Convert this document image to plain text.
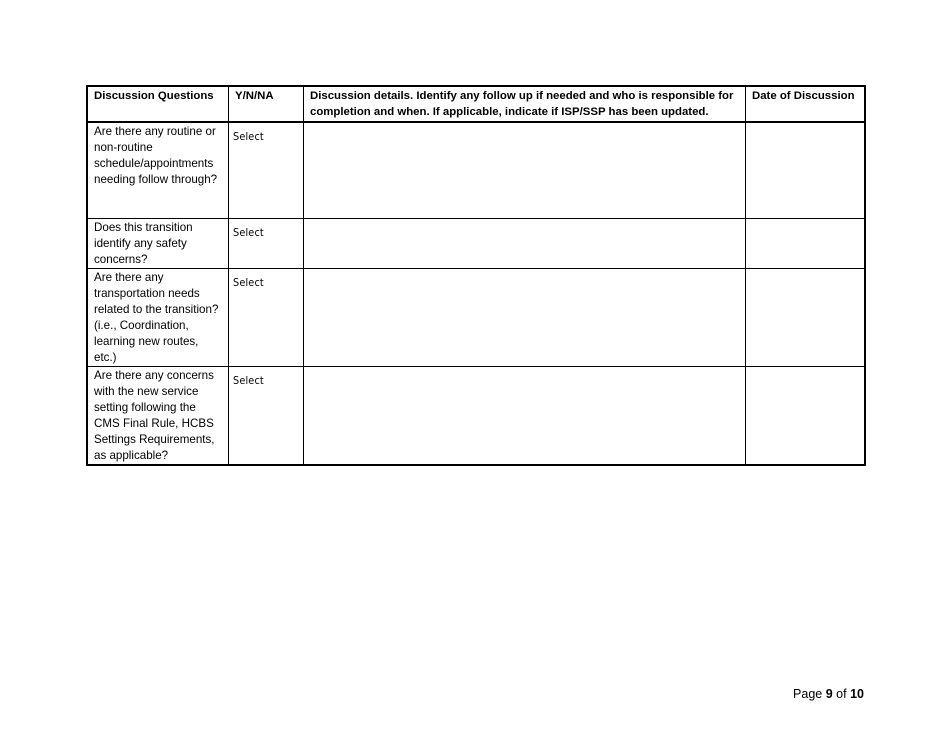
Discussion Questions	Y/N/NA	Discussion details. Identify any follow up if needed and who is responsible for completion and when. If applicable, indicate if ISP/SSP has been updated.	Date of Discussion
Are there any routine or non-routine schedule/appointments needing follow through?	Select		
Does this transition identify any safety concerns?	Select		
Are there any transportation needs related to the transition? (i.e., Coordination, learning new routes, etc.)	Select		
Are there any concerns with the new service setting following the CMS Final Rule, HCBS Settings Requirements, as applicable?	Select		
Page 9 of 10
